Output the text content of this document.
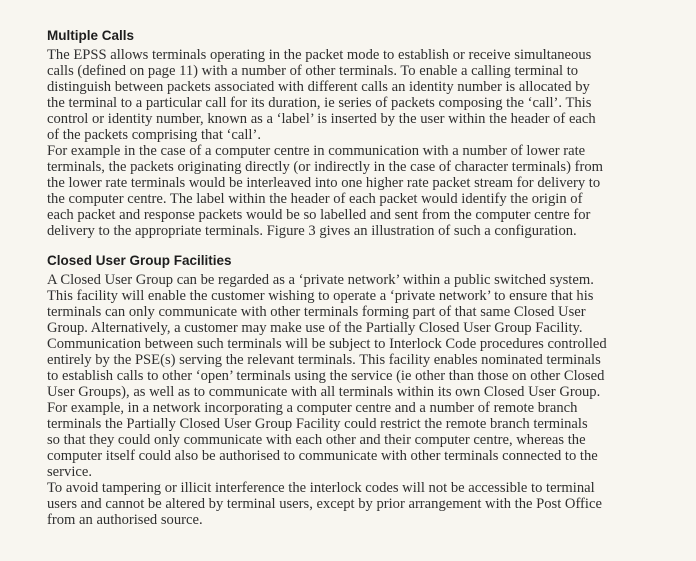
Multiple Calls
The EPSS allows terminals operating in the packet mode to establish or receive simultaneous
calls (defined on page 11) with a number of other terminals. To enable a calling terminal to
distinguish between packets associated with different calls an identity number is allocated by
the terminal to a particular call for its duration, ie series of packets composing the ‘call’. This
control or identity number, known as a ‘label’ is inserted by the user within the header of each
of the packets comprising that ‘call’.
For example in the case of a computer centre in communication with a number of lower rate
terminals, the packets originating directly (or indirectly in the case of character terminals) from
the lower rate terminals would be interleaved into one higher rate packet stream for delivery to
the computer centre. The label within the header of each packet would identify the origin of
each packet and response packets would be so labelled and sent from the computer centre for
delivery to the appropriate terminals. Figure 3 gives an illustration of such a configuration.
Closed User Group Facilities
A Closed User Group can be regarded as a ‘private network’ within a public switched system.
This facility will enable the customer wishing to operate a ‘private network’ to ensure that his
terminals can only communicate with other terminals forming part of that same Closed User
Group. Alternatively, a customer may make use of the Partially Closed User Group Facility.
Communication between such terminals will be subject to Interlock Code procedures controlled
entirely by the PSE(s) serving the relevant terminals. This facility enables nominated terminals
to establish calls to other ‘open’ terminals using the service (ie other than those on other Closed
User Groups), as well as to communicate with all terminals within its own Closed User Group.
For example, in a network incorporating a computer centre and a number of remote branch
terminals the Partially Closed User Group Facility could restrict the remote branch terminals
so that they could only communicate with each other and their computer centre, whereas the
computer itself could also be authorised to communicate with other terminals connected to the
service.
To avoid tampering or illicit interference the interlock codes will not be accessible to terminal
users and cannot be altered by terminal users, except by prior arrangement with the Post Office
from an authorised source.
